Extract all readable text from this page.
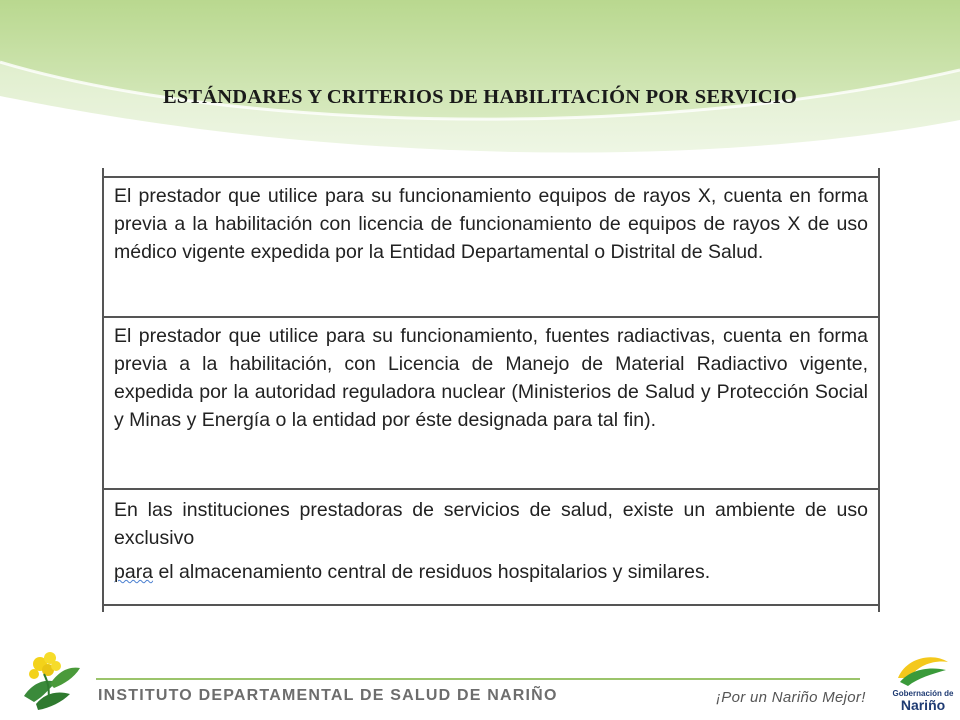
ESTÁNDARES Y CRITERIOS DE HABILITACIÓN POR SERVICIO

El prestador que utilice para su funcionamiento equipos de rayos X, cuenta en forma previa a la habilitación con licencia de funcionamiento de equipos de rayos X de uso médico vigente expedida por la Entidad Departamental o Distrital de Salud.

El prestador que utilice para su funcionamiento, fuentes radiactivas, cuenta en forma previa a la habilitación, con Licencia de Manejo de Material Radiactivo vigente, expedida por la autoridad reguladora nuclear (Ministerios de Salud y Protección Social y Minas y Energía o la entidad por éste designada para tal fin).

En las instituciones prestadoras de servicios de salud, existe un ambiente de uso exclusivo

para el almacenamiento central de residuos hospitalarios y similares.

INSTITUTO DEPARTAMENTAL DE SALUD DE NARIÑO	¡Por un Nariño Mejor!	Gobernación de
Nariño
